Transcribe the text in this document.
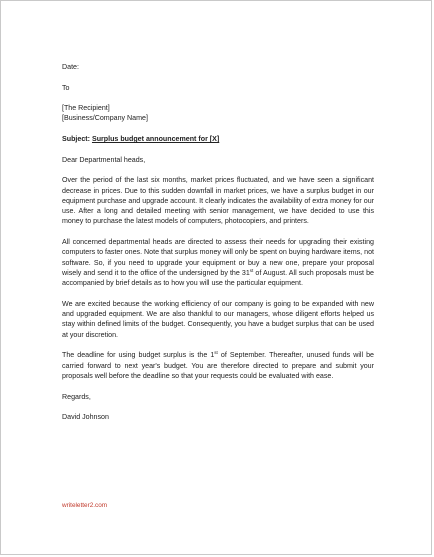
Date:
To
[The Recipient]
[Business/Company Name]
Subject: Surplus budget announcement for [X]
Dear Departmental heads,
Over the period of the last six months, market prices fluctuated, and we have seen a significant decrease in prices. Due to this sudden downfall in market prices, we have a surplus budget in our equipment purchase and upgrade account. It clearly indicates the availability of extra money for our use. After a long and detailed meeting with senior management, we have decided to use this money to purchase the latest models of computers, photocopiers, and printers.
All concerned departmental heads are directed to assess their needs for upgrading their existing computers to faster ones. Note that surplus money will only be spent on buying hardware items, not software. So, if you need to upgrade your equipment or buy a new one, prepare your proposal wisely and send it to the office of the undersigned by the 31st of August. All such proposals must be accompanied by brief details as to how you will use the particular equipment.
We are excited because the working efficiency of our company is going to be expanded with new and upgraded equipment. We are also thankful to our managers, whose diligent efforts helped us stay within defined limits of the budget. Consequently, you have a budget surplus that can be used at your discretion.
The deadline for using budget surplus is the 1st of September. Thereafter, unused funds will be carried forward to next year's budget. You are therefore directed to prepare and submit your proposals well before the deadline so that your requests could be evaluated with ease.
Regards,
David Johnson
writeletter2.com
